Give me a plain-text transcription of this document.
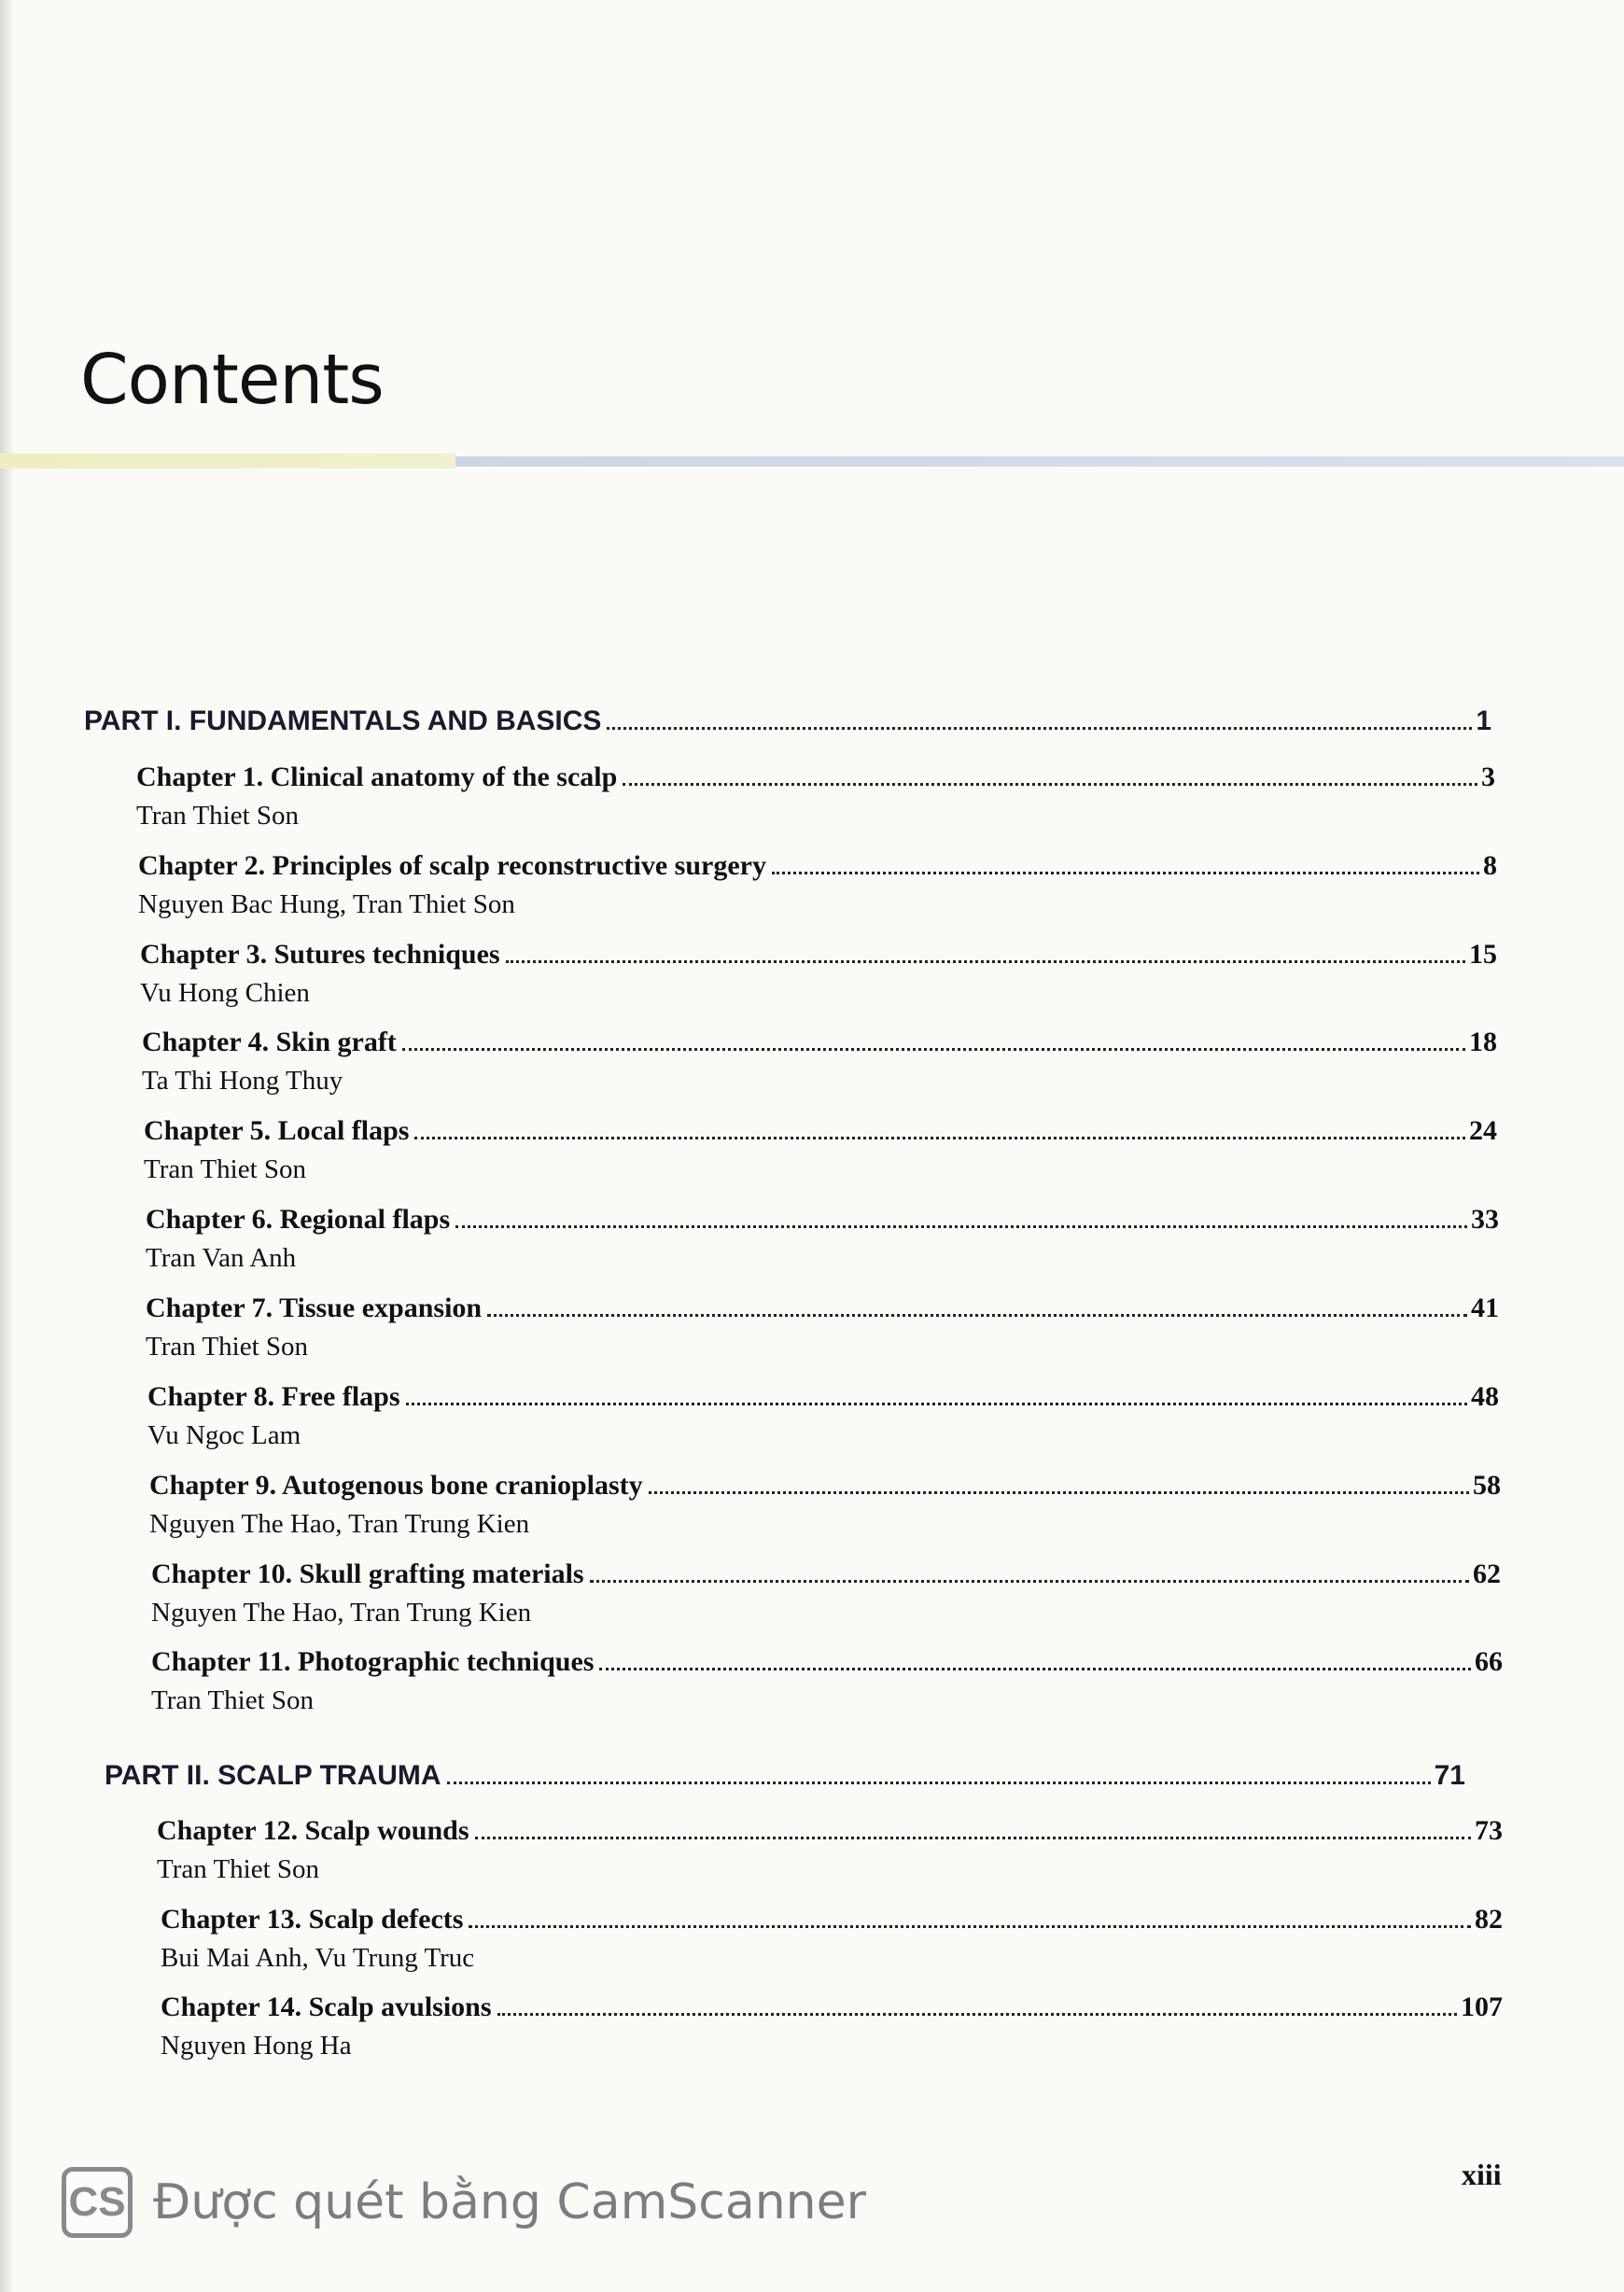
Contents
PART I. FUNDAMENTALS AND BASICS	1
Chapter 1. Clinical anatomy of the scalp	3
Tran Thiet Son
Chapter 2. Principles of scalp reconstructive surgery	8
Nguyen Bac Hung, Tran Thiet Son
Chapter 3. Sutures techniques	15
Vu Hong Chien
Chapter 4. Skin graft	18
Ta Thi Hong Thuy
Chapter 5. Local flaps	24
Tran Thiet Son
Chapter 6. Regional flaps	33
Tran Van Anh
Chapter 7. Tissue expansion	41
Tran Thiet Son
Chapter 8. Free flaps	48
Vu Ngoc Lam
Chapter 9. Autogenous bone cranioplasty	58
Nguyen The Hao, Tran Trung Kien
Chapter 10. Skull grafting materials	62
Nguyen The Hao, Tran Trung Kien
Chapter 11. Photographic techniques	66
Tran Thiet Son
PART II. SCALP TRAUMA	71
Chapter 12. Scalp wounds	73
Tran Thiet Son
Chapter 13. Scalp defects	82
Bui Mai Anh, Vu Trung Truc
Chapter 14. Scalp avulsions	107
Nguyen Hong Ha
xiii
CS Được quét bằng CamScanner
